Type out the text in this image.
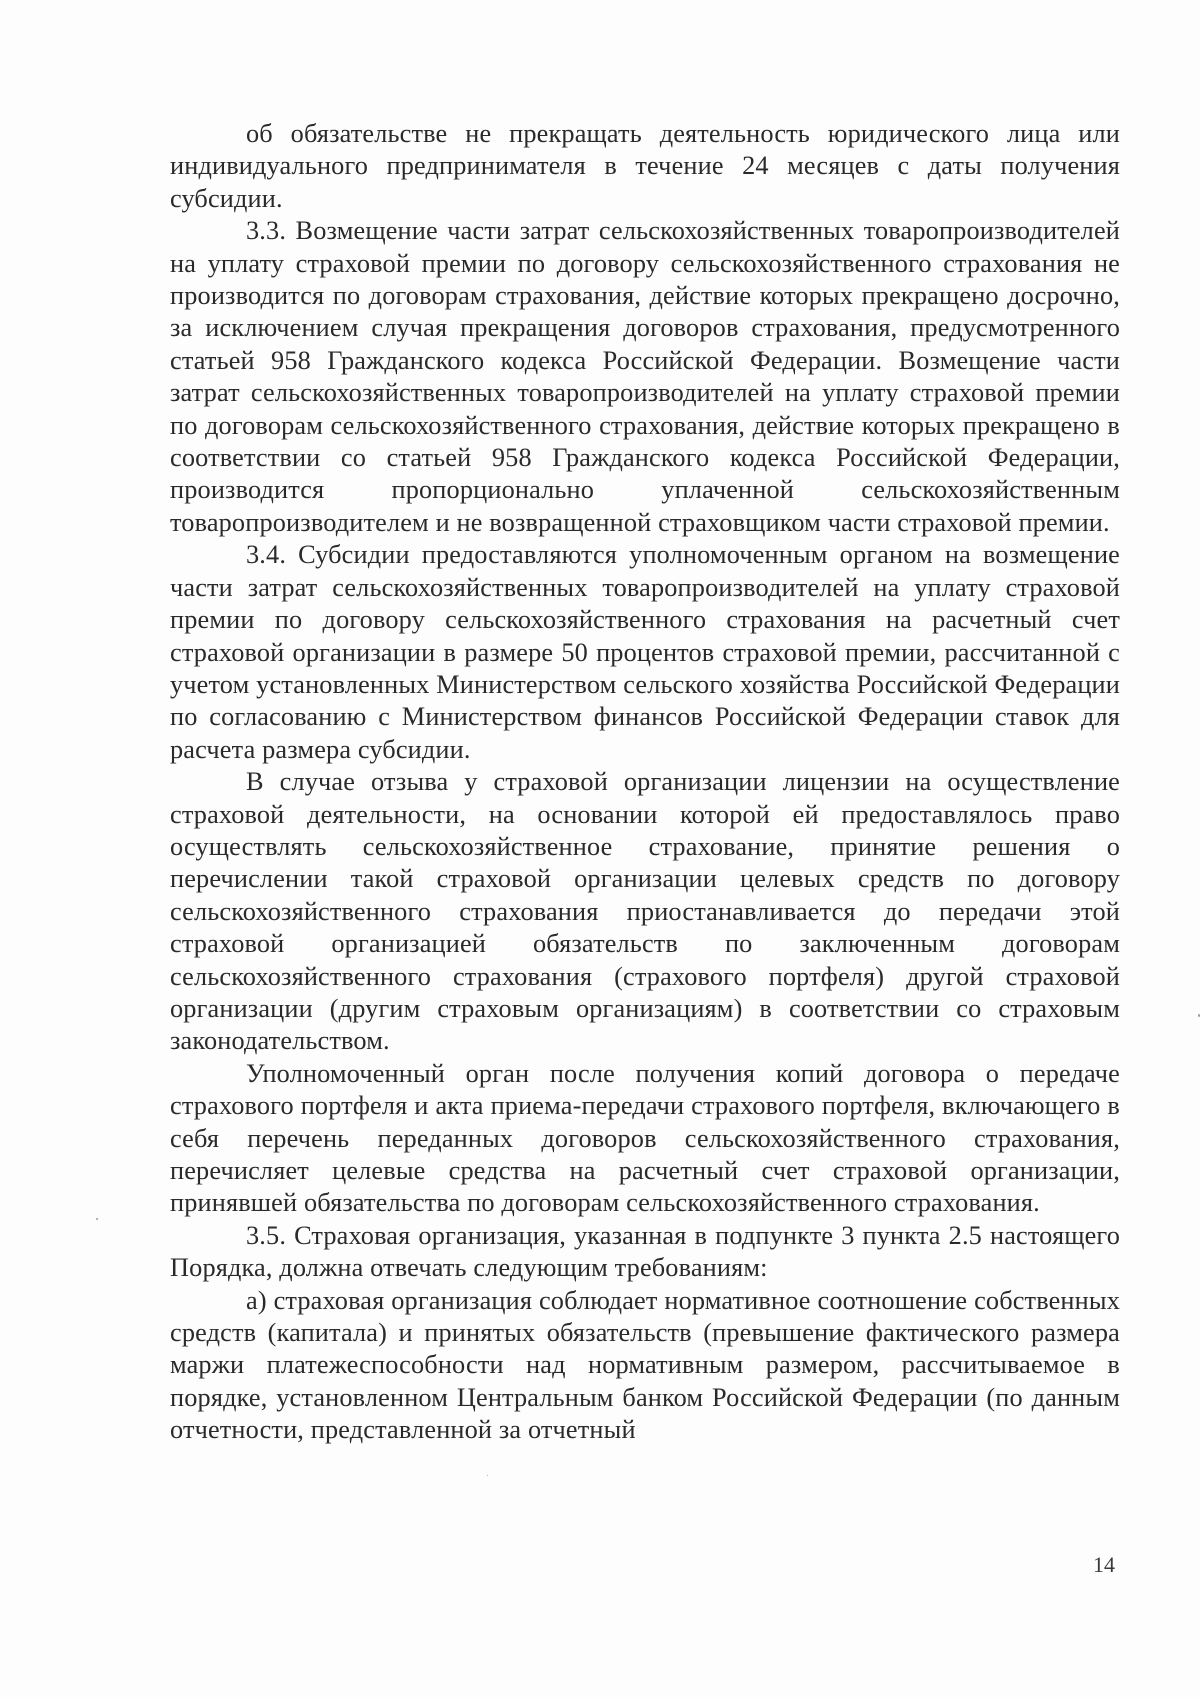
об обязательстве не прекращать деятельность юридического лица или индивидуального предпринимателя в течение 24 месяцев с даты получения субсидии.

3.3. Возмещение части затрат сельскохозяйственных товаропроизводителей на уплату страховой премии по договору сельскохозяйственного страхования не производится по договорам страхования, действие которых прекращено досрочно, за исключением случая прекращения договоров страхования, предусмотренного статьей 958 Гражданского кодекса Российской Федерации. Возмещение части затрат сельскохозяйственных товаропроизводителей на уплату страховой премии по договорам сельскохозяйственного страхования, действие которых прекращено в соответствии со статьей 958 Гражданского кодекса Российской Федерации, производится пропорционально уплаченной сельскохозяйственным товаропроизводителем и не возвращенной страховщиком части страховой премии.

3.4. Субсидии предоставляются уполномоченным органом на возмещение части затрат сельскохозяйственных товаропроизводителей на уплату страховой премии по договору сельскохозяйственного страхования на расчетный счет страховой организации в размере 50 процентов страховой премии, рассчитанной с учетом установленных Министерством сельского хозяйства Российской Федерации по согласованию с Министерством финансов Российской Федерации ставок для расчета размера субсидии.

В случае отзыва у страховой организации лицензии на осуществление страховой деятельности, на основании которой ей предоставлялось право осуществлять сельскохозяйственное страхование, принятие решения о перечислении такой страховой организации целевых средств по договору сельскохозяйственного страхования приостанавливается до передачи этой страховой организацией обязательств по заключенным договорам сельскохозяйственного страхования (страхового портфеля) другой страховой организации (другим страховым организациям) в соответствии со страховым законодательством.

Уполномоченный орган после получения копий договора о передаче страхового портфеля и акта приема-передачи страхового портфеля, включающего в себя перечень переданных договоров сельскохозяйственного страхования, перечисляет целевые средства на расчетный счет страховой организации, принявшей обязательства по договорам сельскохозяйственного страхования.

3.5. Страховая организация, указанная в подпункте 3 пункта 2.5 настоящего Порядка, должна отвечать следующим требованиям:

а) страховая организация соблюдает нормативное соотношение собственных средств (капитала) и принятых обязательств (превышение фактического размера маржи платежеспособности над нормативным размером, рассчитываемое в порядке, установленном Центральным банком Российской Федерации (по данным отчетности, представленной за отчетный

14
